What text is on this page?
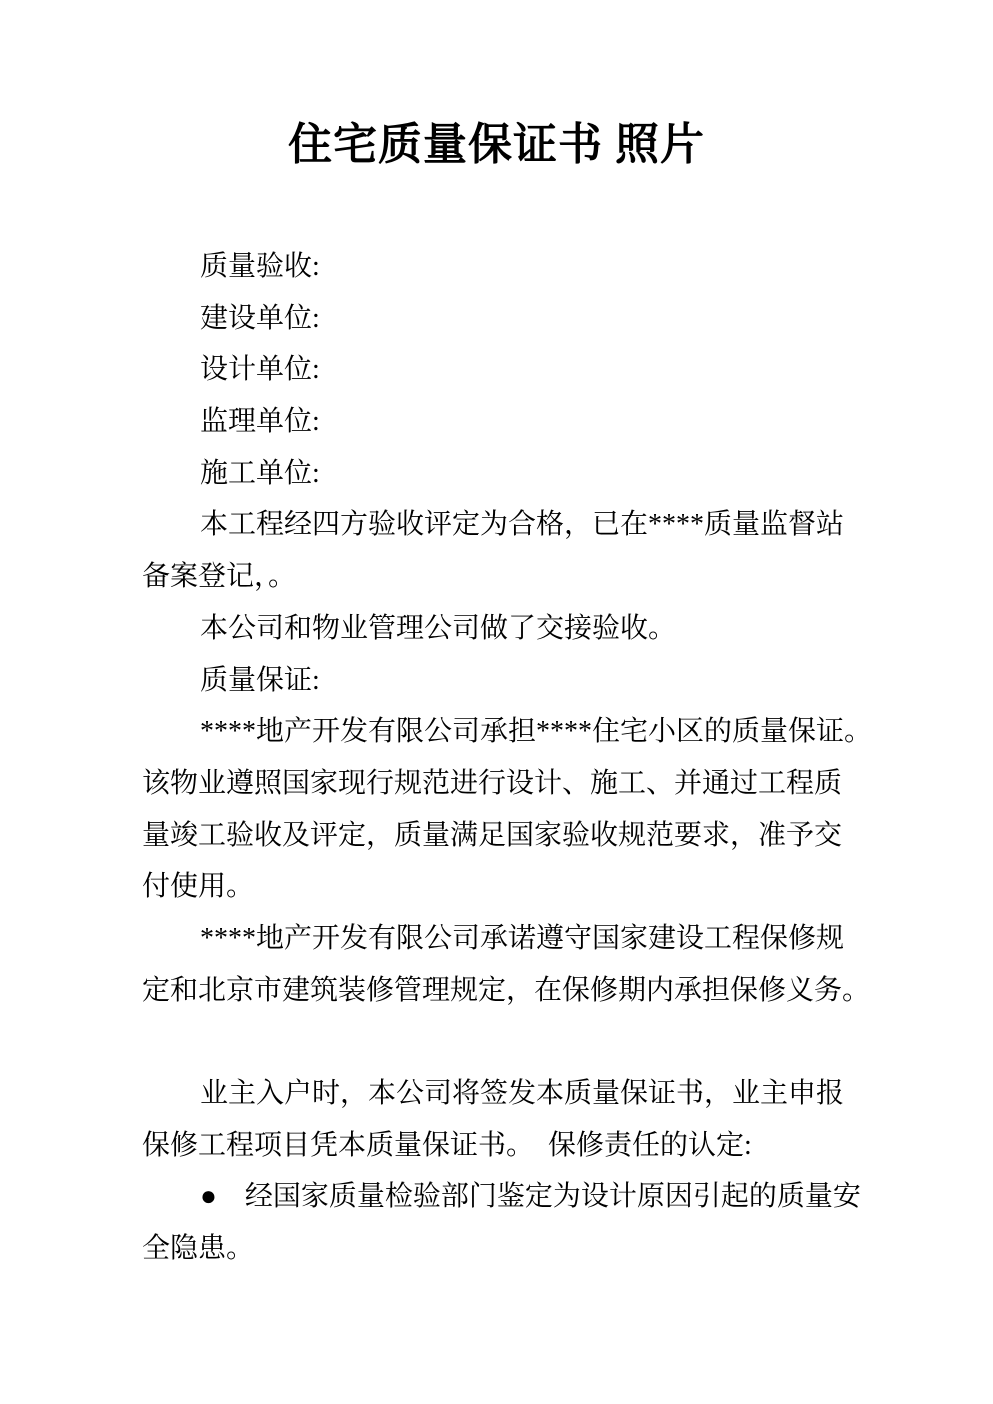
住宅质量保证书 照片
质量验收:
建设单位:
设计单位:
监理单位:
施工单位:
本工程经四方验收评定为合格，已在****质量监督站
备案登记，。
本公司和物业管理公司做了交接验收。
质量保证:
****地产开发有限公司承担****住宅小区的质量保证。
该物业遵照国家现行规范进行设计、施工、并通过工程质
量竣工验收及评定，质量满足国家验收规范要求，准予交
付使用。
****地产开发有限公司承诺遵守国家建设工程保修规
定和北京市建筑装修管理规定，在保修期内承担保修义务。
业主入户时，本公司将签发本质量保证书，业主申报
保修工程项目凭本质量保证书。　保修责任的认定:
●　经国家质量检验部门鉴定为设计原因引起的质量安
全隐患。
